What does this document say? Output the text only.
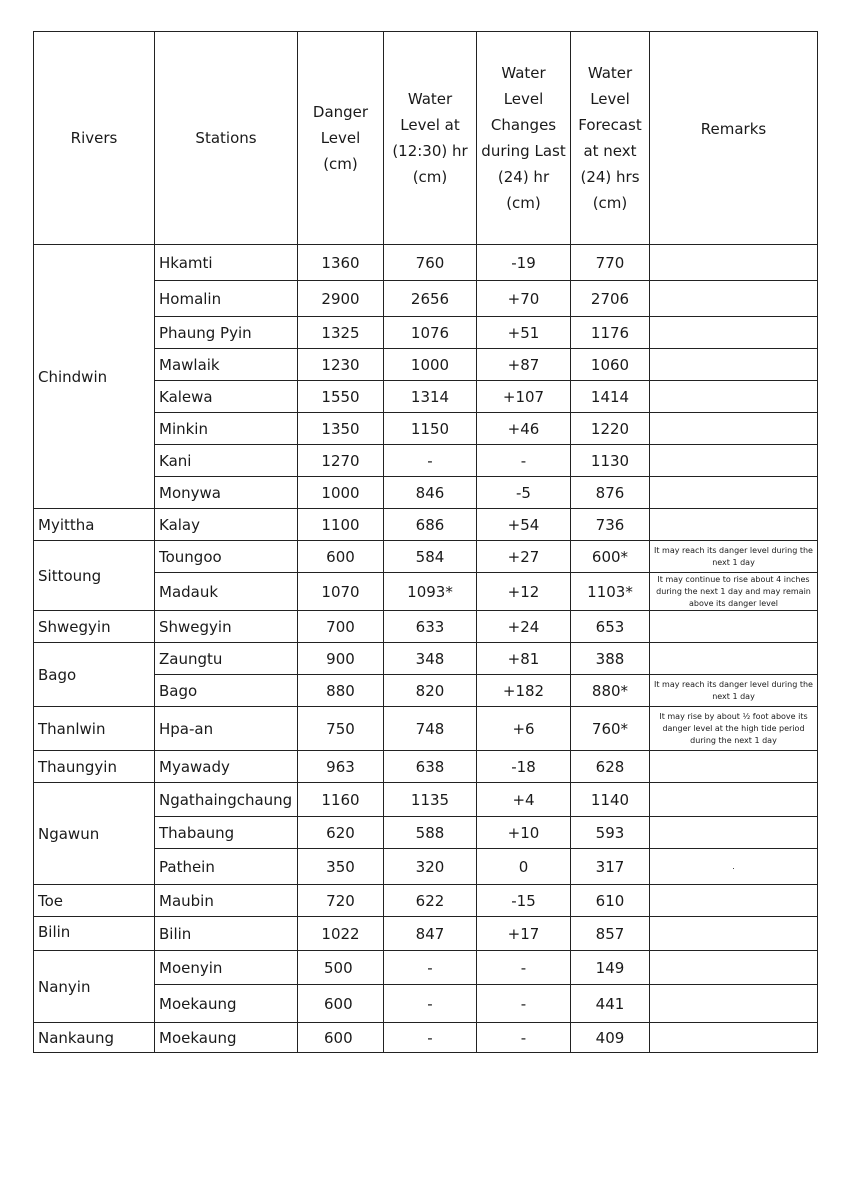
Rivers	Stations	Danger Level (cm)	Water Level at (12:30) hr (cm)	Water Level Changes during Last (24) hr (cm)	Water Level Forecast at next (24) hrs (cm)	Remarks
Chindwin	Hkamti	1360	760	-19	770	
	Homalin	2900	2656	+70	2706	
	Phaung Pyin	1325	1076	+51	1176	
	Mawlaik	1230	1000	+87	1060	
	Kalewa	1550	1314	+107	1414	
	Minkin	1350	1150	+46	1220	
	Kani	1270	-	-	1130	
	Monywa	1000	846	-5	876	
Myittha	Kalay	1100	686	+54	736	
Sittoung	Toungoo	600	584	+27	600*	It may reach its danger level during the next 1 day
	Madauk	1070	1093*	+12	1103*	It may continue to rise about 4 inches during the next 1 day and may remain above its danger level
Shwegyin	Shwegyin	700	633	+24	653	
Bago	Zaungtu	900	348	+81	388	
	Bago	880	820	+182	880*	It may reach its danger level during the next 1 day
Thanlwin	Hpa-an	750	748	+6	760*	It may rise by about ½ foot above its danger level at the high tide period during the next 1 day
Thaungyin	Myawady	963	638	-18	628	
Ngawun	Ngathaingchaung	1160	1135	+4	1140	
	Thabaung	620	588	+10	593	
	Pathein	350	320	0	317	.
Toe	Maubin	720	622	-15	610	
Bilin	Bilin	1022	847	+17	857	
Nanyin	Moenyin	500	-	-	149	
	Moekaung	600	-	-	441	
Nankaung	Moekaung	600	-	-	409	
